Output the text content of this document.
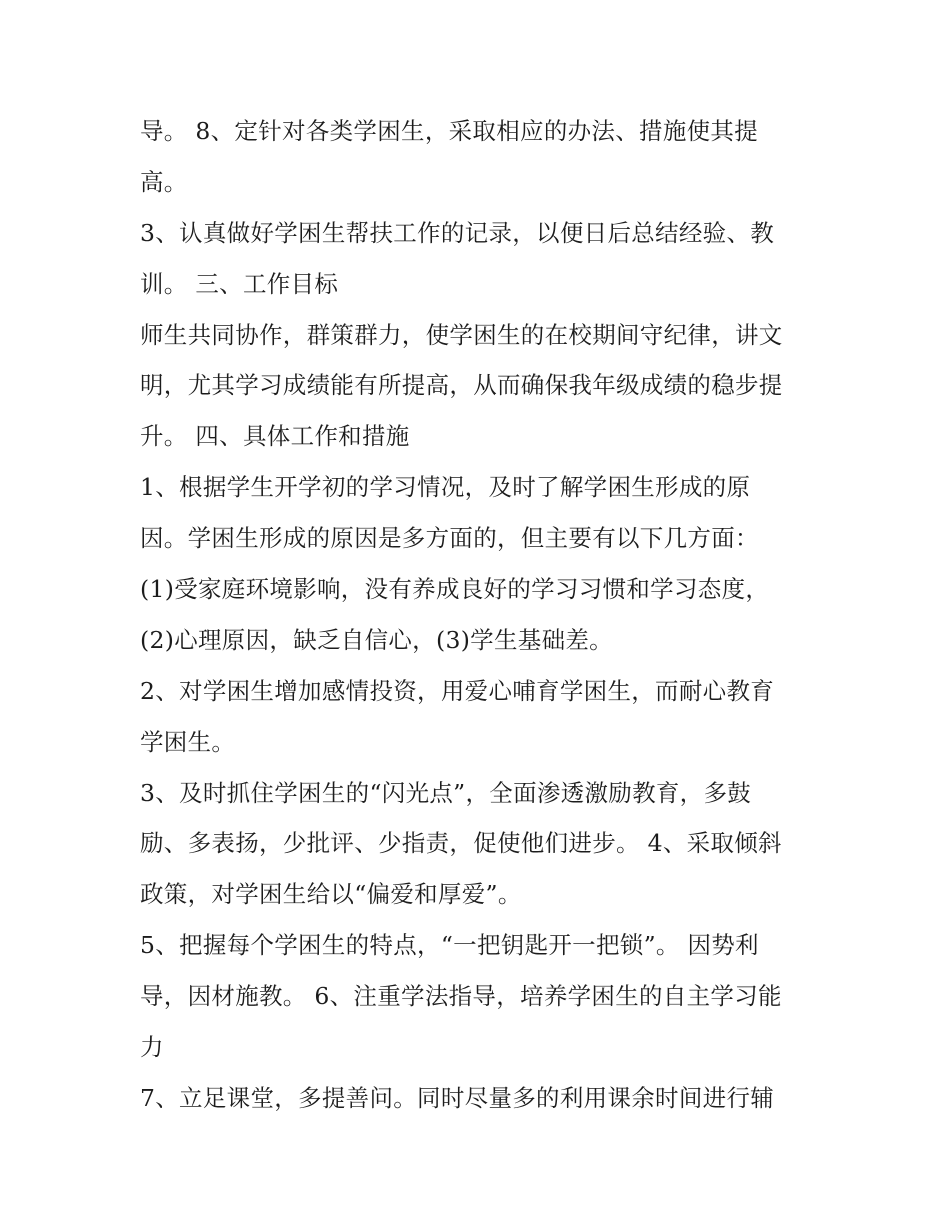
导。 8、定针对各类学困生，采取相应的办法、措施使其提
高。
3、认真做好学困生帮扶工作的记录，以便日后总结经验、教
训。 三、工作目标
师生共同协作，群策群力，使学困生的在校期间守纪律，讲文
明，尤其学习成绩能有所提高，从而确保我年级成绩的稳步提
升。 四、具体工作和措施
1、根据学生开学初的学习情况，及时了解学困生形成的原
因。学困生形成的原因是多方面的，但主要有以下几方面：
(1)受家庭环境影响，没有养成良好的学习习惯和学习态度，
(2)心理原因，缺乏自信心，(3)学生基础差。
2、对学困生增加感情投资，用爱心哺育学困生，而耐心教育
学困生。
3、及时抓住学困生的“闪光点”，全面渗透激励教育，多鼓
励、多表扬，少批评、少指责，促使他们进步。 4、采取倾斜
政策，对学困生给以“偏爱和厚爱”。
5、把握每个学困生的特点，“一把钥匙开一把锁”。 因势利
导，因材施教。 6、注重学法指导，培养学困生的自主学习能
力
7、立足课堂，多提善问。同时尽量多的利用课余时间进行辅
